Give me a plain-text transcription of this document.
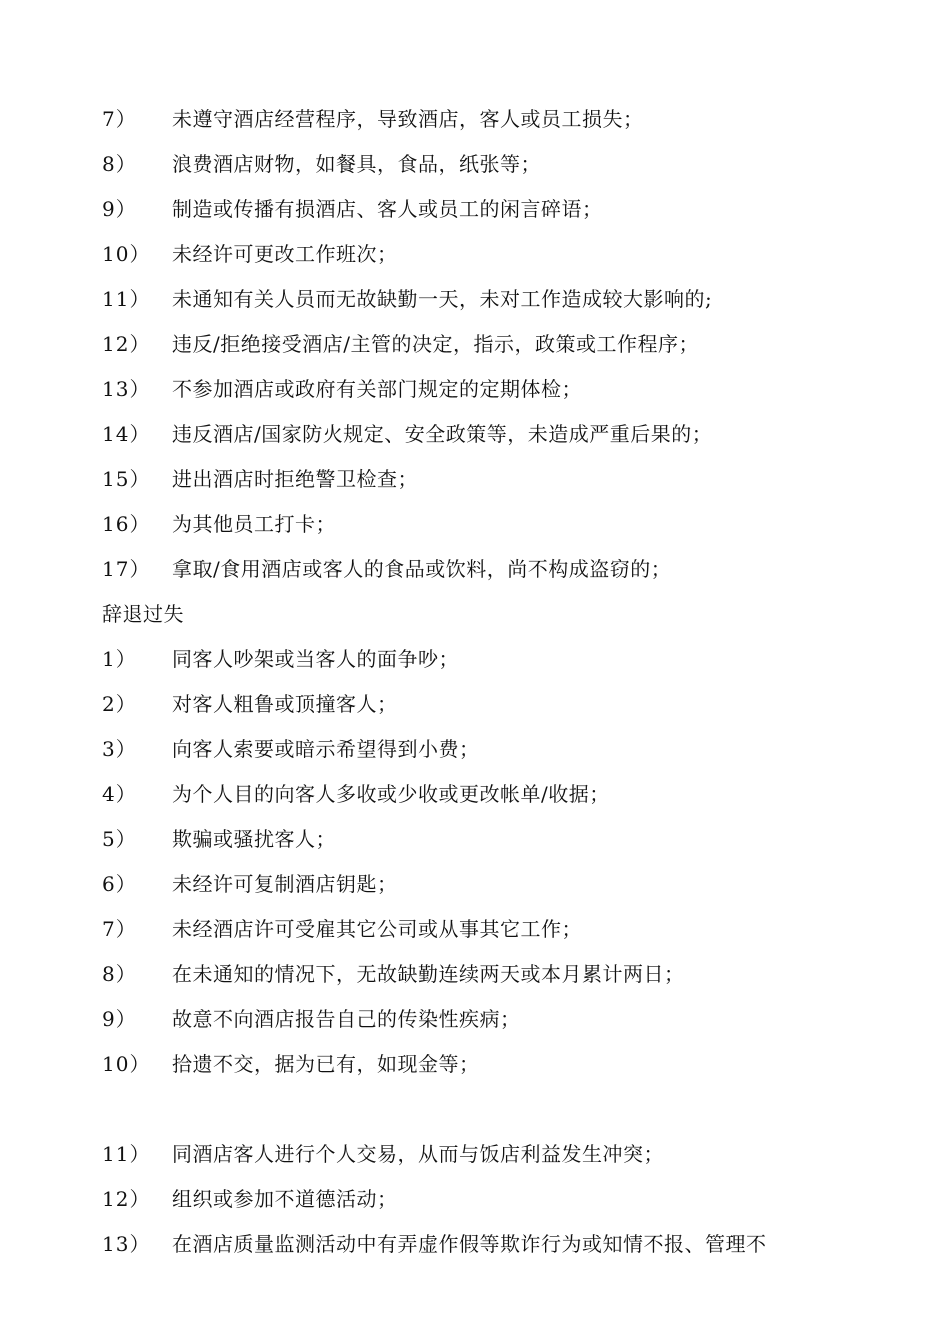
7） 未遵守酒店经营程序，导致酒店，客人或员工损失；
8） 浪费酒店财物，如餐具，食品，纸张等；
9） 制造或传播有损酒店、客人或员工的闲言碎语；
10） 未经许可更改工作班次；
11） 未通知有关人员而无故缺勤一天，未对工作造成较大影响的;
12） 违反/拒绝接受酒店/主管的决定，指示，政策或工作程序；
13） 不参加酒店或政府有关部门规定的定期体检；
14） 违反酒店/国家防火规定、安全政策等，未造成严重后果的；
15） 进出酒店时拒绝警卫检查；
16） 为其他员工打卡；
17） 拿取/食用酒店或客人的食品或饮料，尚不构成盗窃的；
辞退过失
1） 同客人吵架或当客人的面争吵；
2） 对客人粗鲁或顶撞客人；
3） 向客人索要或暗示希望得到小费；
4） 为个人目的向客人多收或少收或更改帐单/收据；
5） 欺骗或骚扰客人；
6） 未经许可复制酒店钥匙；
7） 未经酒店许可受雇其它公司或从事其它工作；
8） 在未通知的情况下，无故缺勤连续两天或本月累计两日；
9） 故意不向酒店报告自己的传染性疾病；
10） 拾遗不交，据为已有，如现金等；
11） 同酒店客人进行个人交易，从而与饭店利益发生冲突；
12） 组织或参加不道德活动；
13） 在酒店质量监测活动中有弄虚作假等欺诈行为或知情不报、管理不
